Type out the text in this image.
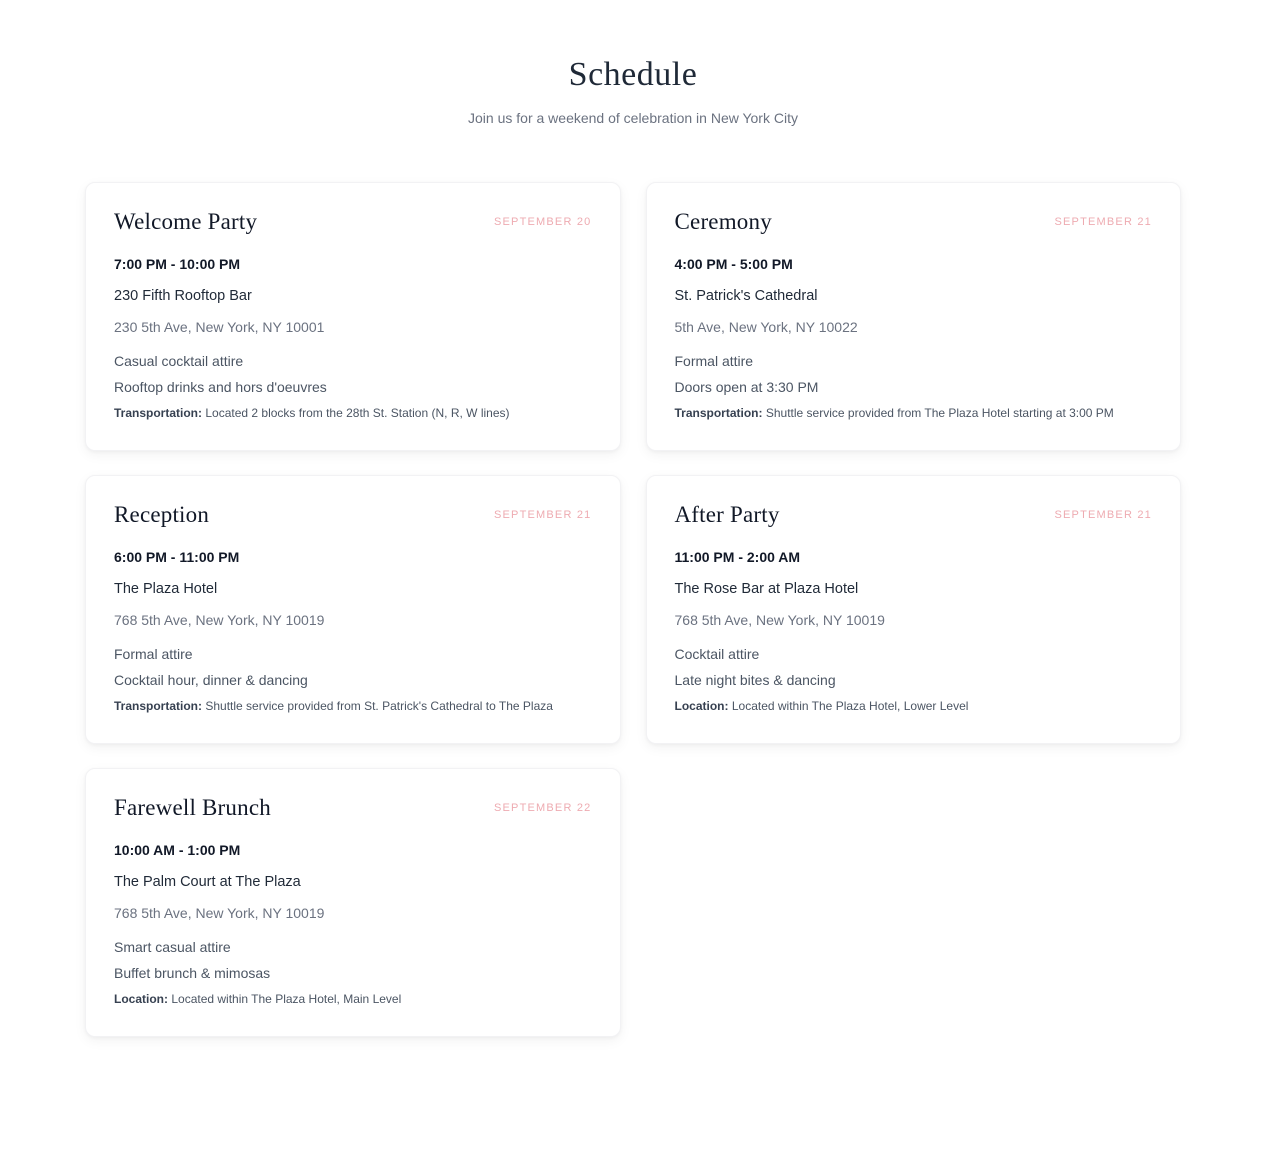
Schedule
Join us for a weekend of celebration in New York City
Welcome Party	SEPTEMBER 20
7:00 PM - 10:00 PM
230 Fifth Rooftop Bar
230 5th Ave, New York, NY 10001
Casual cocktail attire
Rooftop drinks and hors d'oeuvres
Transportation: Located 2 blocks from the 28th St. Station (N, R, W lines)
Ceremony	SEPTEMBER 21
4:00 PM - 5:00 PM
St. Patrick's Cathedral
5th Ave, New York, NY 10022
Formal attire
Doors open at 3:30 PM
Transportation: Shuttle service provided from The Plaza Hotel starting at 3:00 PM
Reception	SEPTEMBER 21
6:00 PM - 11:00 PM
The Plaza Hotel
768 5th Ave, New York, NY 10019
Formal attire
Cocktail hour, dinner & dancing
Transportation: Shuttle service provided from St. Patrick's Cathedral to The Plaza
After Party	SEPTEMBER 21
11:00 PM - 2:00 AM
The Rose Bar at Plaza Hotel
768 5th Ave, New York, NY 10019
Cocktail attire
Late night bites & dancing
Location: Located within The Plaza Hotel, Lower Level
Farewell Brunch	SEPTEMBER 22
10:00 AM - 1:00 PM
The Palm Court at The Plaza
768 5th Ave, New York, NY 10019
Smart casual attire
Buffet brunch & mimosas
Location: Located within The Plaza Hotel, Main Level
